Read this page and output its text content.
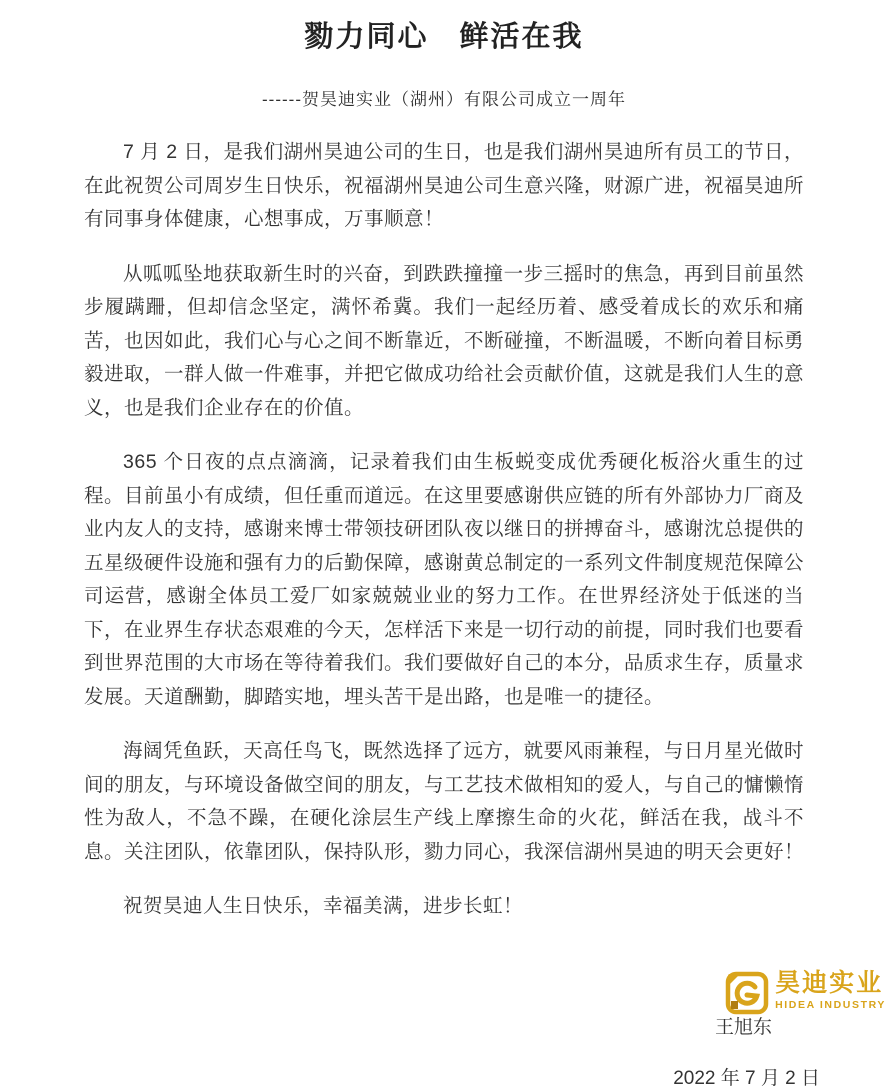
勠力同心　鲜活在我
------贺昊迪实业（湖州）有限公司成立一周年

7 月 2 日，是我们湖州昊迪公司的生日，也是我们湖州昊迪所有员工的节日，在此祝贺公司周岁生日快乐，祝福湖州昊迪公司生意兴隆，财源广进，祝福昊迪所有同事身体健康，心想事成，万事顺意！

从呱呱坠地获取新生时的兴奋，到跌跌撞撞一步三摇时的焦急，再到目前虽然步履蹒跚，但却信念坚定，满怀希冀。我们一起经历着、感受着成长的欢乐和痛苦，也因如此，我们心与心之间不断靠近，不断碰撞，不断温暖，不断向着目标勇毅进取，一群人做一件难事，并把它做成功给社会贡献价值，这就是我们人生的意义，也是我们企业存在的价值。

365 个日夜的点点滴滴，记录着我们由生板蜕变成优秀硬化板浴火重生的过程。目前虽小有成绩，但任重而道远。在这里要感谢供应链的所有外部协力厂商及业内友人的支持，感谢来博士带领技研团队夜以继日的拼搏奋斗，感谢沈总提供的五星级硬件设施和强有力的后勤保障，感谢黄总制定的一系列文件制度规范保障公司运营，感谢全体员工爱厂如家兢兢业业的努力工作。在世界经济处于低迷的当下，在业界生存状态艰难的今天，怎样活下来是一切行动的前提，同时我们也要看到世界范围的大市场在等待着我们。我们要做好自己的本分，品质求生存，质量求发展。天道酬勤，脚踏实地，埋头苦干是出路，也是唯一的捷径。

海阔凭鱼跃，天高任鸟飞，既然选择了远方，就要风雨兼程，与日月星光做时间的朋友，与环境设备做空间的朋友，与工艺技术做相知的爱人，与自己的慵懒惰性为敌人，不急不躁，在硬化涂层生产线上摩擦生命的火花，鲜活在我，战斗不息。关注团队，依靠团队，保持队形，勠力同心，我深信湖州昊迪的明天会更好！

祝贺昊迪人生日快乐，幸福美满，进步长虹！

王旭东
2022 年 7 月 2 日
昊迪实业
HIDEA INDUSTRY
